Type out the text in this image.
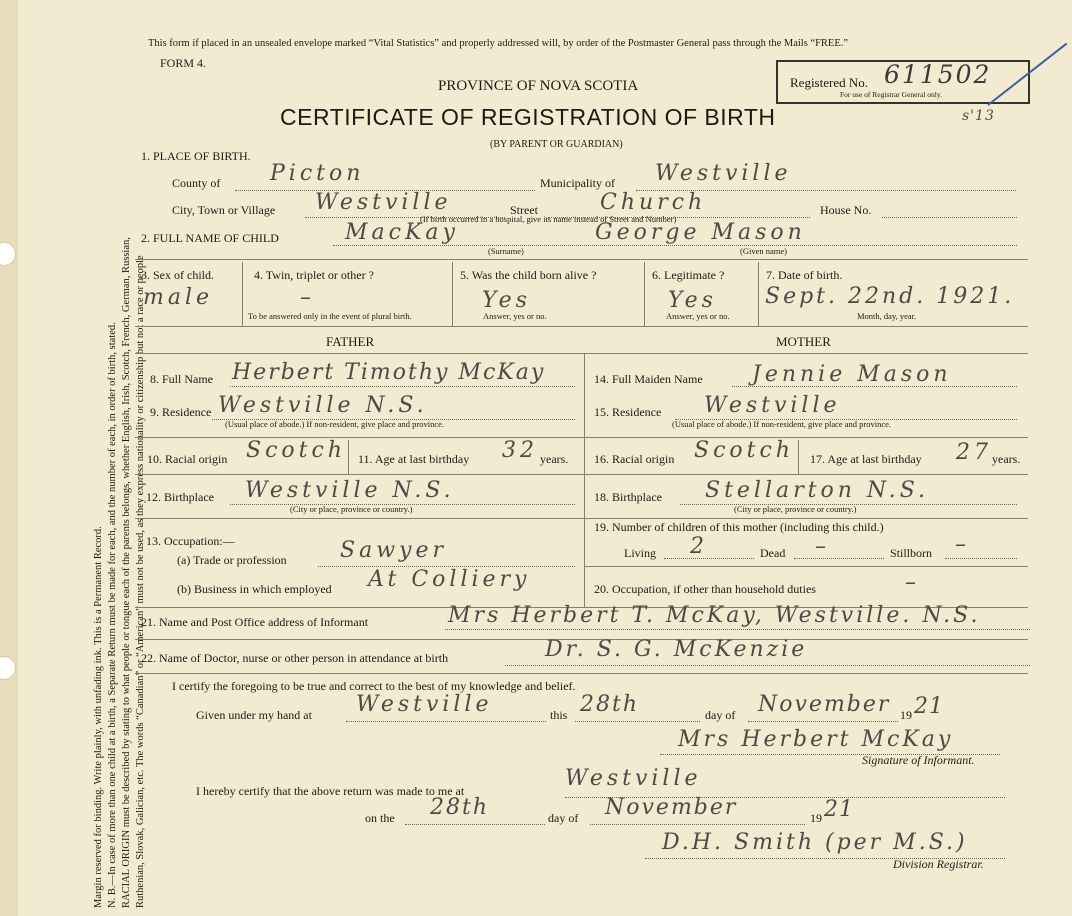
Margin reserved for binding. Write plainly, with unfading ink. This is a Permanent Record. N. B.—In case of more than one child at a birth, a Separate Return must be made for each, and the number of each, in order of birth, stated. RACIAL ORIGIN must be described by stating to what people or tongue each of the parents belongs, whether English, Irish, Scotch, French, German, Russian, Ruthenian, Slovak, Galician, etc. The words “Canadian” or “American” must not be used, as they express nationality or citizenship but not a race or people
This form if placed in an unsealed envelope marked “Vital Statistics” and properly addressed will, by order of the Postmaster General pass through the Mails “FREE.”
FORM 4.
PROVINCE OF NOVA SCOTIA
CERTIFICATE OF REGISTRATION OF BIRTH
(BY PARENT OR GUARDIAN)
Registered No. 611502
For use of Registrar General only.
s'13
1. PLACE OF BIRTH.
County of Picton	Municipality of Westville
City, Town or Village Westville	Street	Church	House No.
(If birth occurred in a hospital, give its name instead of Street and Number)
2. FULL NAME OF CHILD	MacKay	George Mason
(Surname)	(Given name)
3. Sex of child.
male
4. Twin, triplet or other ?
–
To be answered only in the event of plural birth.
5. Was the child born alive ?
Yes
Answer, yes or no.
6. Legitimate ?
Yes
Answer, yes or no.
7. Date of birth.
Sept. 22nd. 1921.
Month, day, year.
FATHER	MOTHER
8. Full Name Herbert Timothy McKay
9. Residence Westville N.S.
(Usual place of abode.) If non-resident, give place and province.
10. Racial origin Scotch 11. Age at last birthday 32 years.
12. Birthplace Westville N.S.
(City or place, province or country.)
13. Occupation:—
(a) Trade or profession Sawyer
(b) Business in which employed At Colliery
14. Full Maiden Name Jennie Mason
15. Residence Westville
(Usual place of abode.) If non-resident, give place and province.
16. Racial origin Scotch 17. Age at last birthday 27 years.
18. Birthplace Stellarton N.S.
(City or place, province or country.)
19. Number of children of this mother (including this child.)
Living 2	Dead –	Stillborn –
20. Occupation, if other than household duties	–
21. Name and Post Office address of Informant	Mrs Herbert T. McKay, Westville. N.S.
22. Name of Doctor, nurse or other person in attendance at birth	Dr. S. G. McKenzie
I certify the foregoing to be true and correct to the best of my knowledge and belief.
Given under my hand at Westville	this 28th	day of November 19 21
Mrs Herbert McKay
Signature of Informant.
I hereby certify that the above return was made to me at	Westville
on the 28th	day of November	19 21
D.H. Smith (per M.S.)
Division Registrar.
